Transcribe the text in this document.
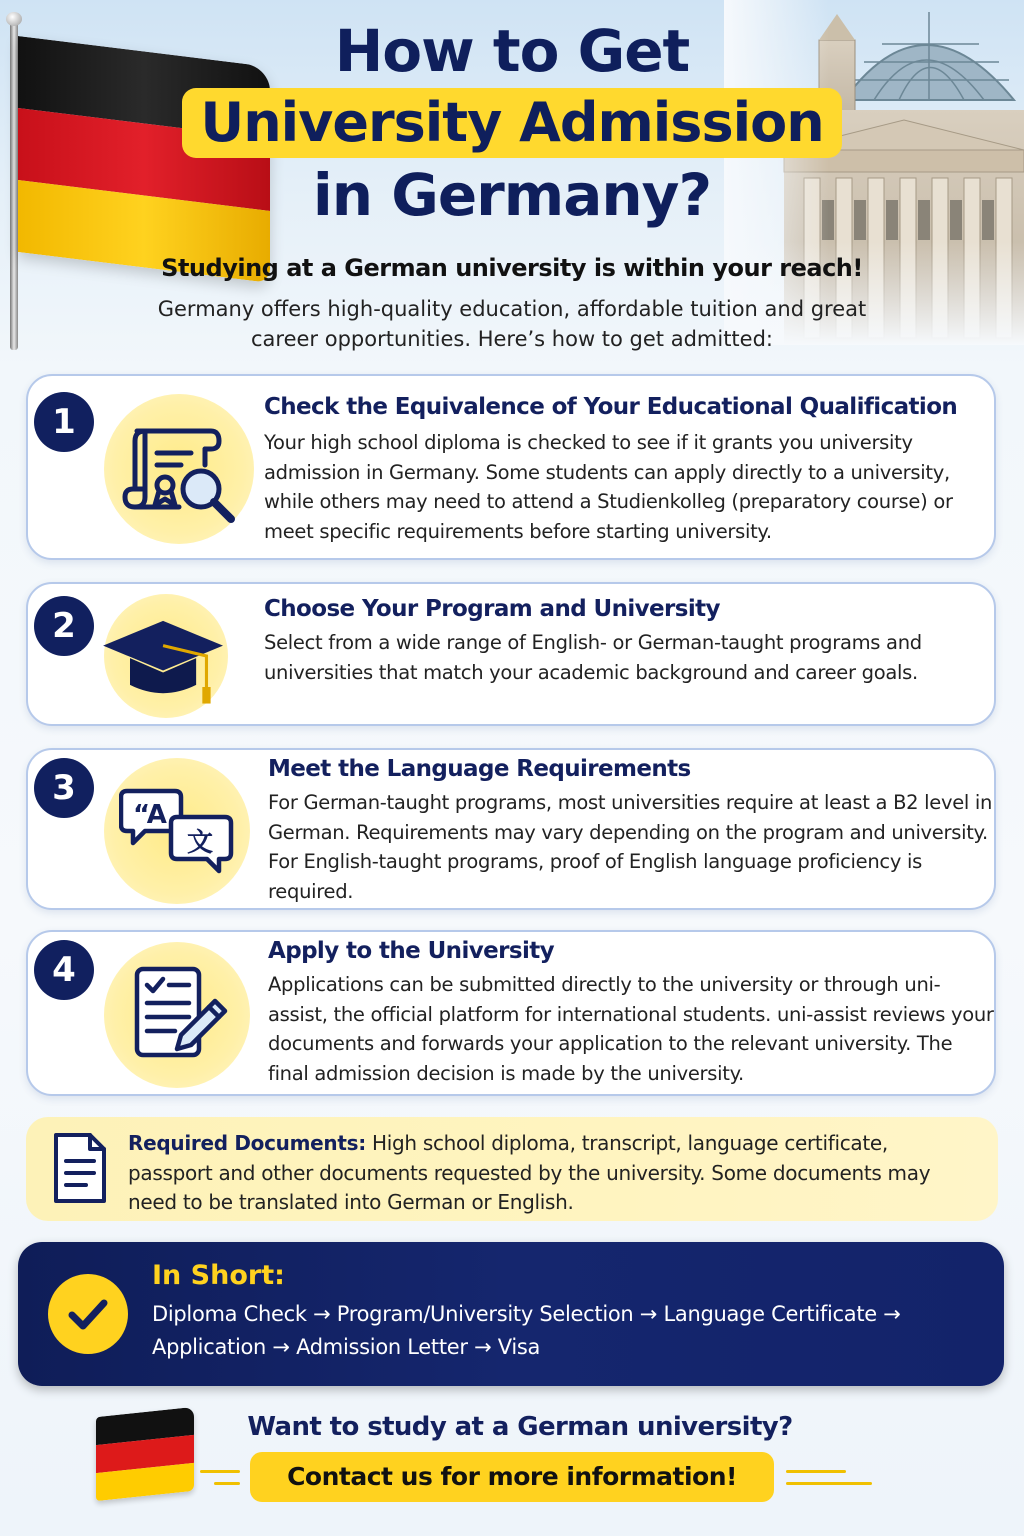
How to Get
University Admission
in Germany?
Studying at a German university is within your reach!
Germany offers high-quality education, affordable tuition and great career opportunities. Here’s how to get admitted:
1	Check the Equivalence of Your Educational Qualification

Your high school diploma is checked to see if it grants you university admission in Germany. Some students can apply directly to a university, while others may need to attend a Studienkolleg (preparatory course) or meet specific requirements before starting university.

2	Choose Your Program and University

Select from a wide range of English- or German-taught programs and universities that match your academic background and career goals.

3
“A
文
Meet the Language Requirements

For German-taught programs, most universities require at least a B2 level in German. Requirements may vary depending on the program and university. For English-taught programs, proof of English language proficiency is required.

4	Apply to the University

Applications can be submitted directly to the university or through uni-assist, the official platform for international students. uni-assist reviews your documents and forwards your application to the relevant university. The final admission decision is made by the university.

Required Documents: High school diploma, transcript, language certificate, passport and other documents requested by the university. Some documents may need to be translated into German or English.

In Short:

Diploma Check → Program/University Selection → Language Certificate → Application → Admission Letter → Visa

Want to study at a German university?
Contact us for more information!
